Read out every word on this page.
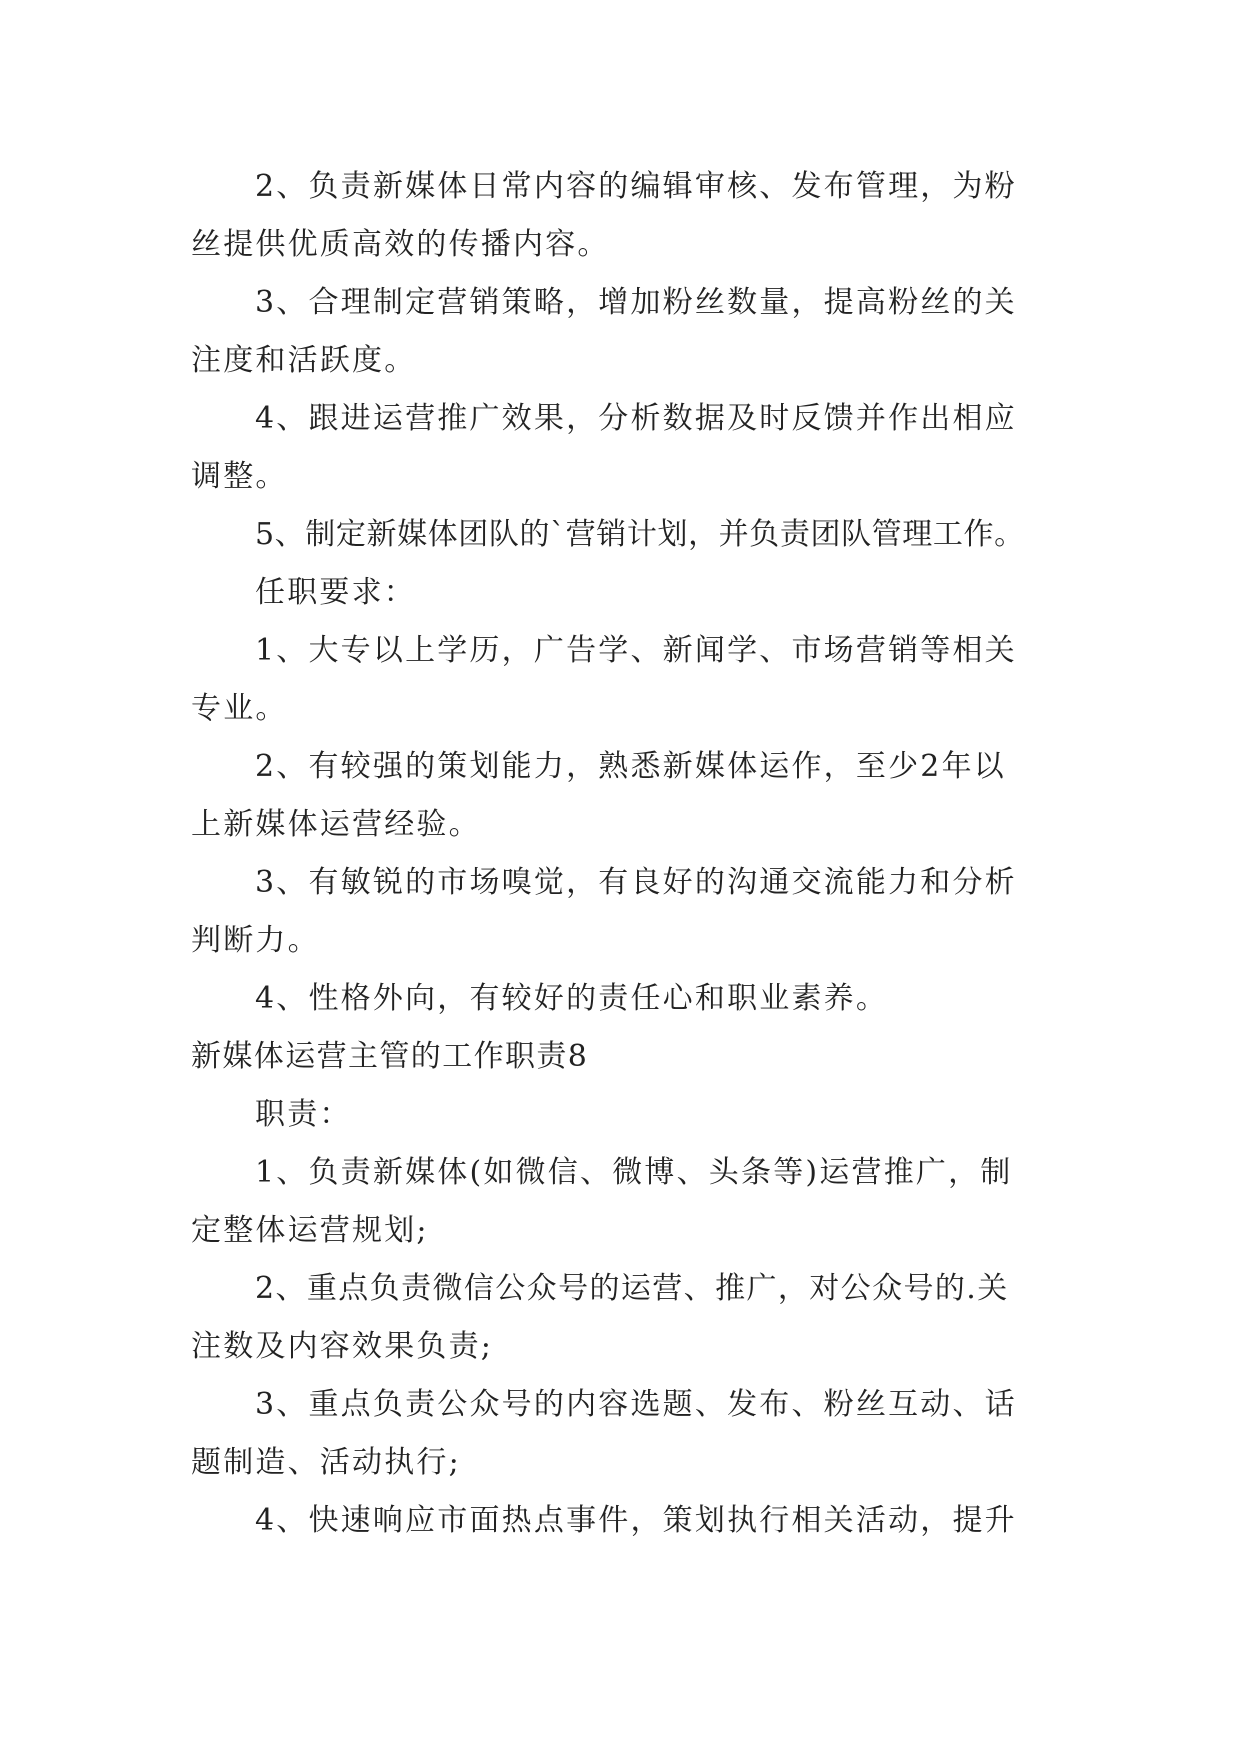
2、负责新媒体日常内容的编辑审核、发布管理，为粉
丝提供优质高效的传播内容。
3、合理制定营销策略，增加粉丝数量，提高粉丝的关
注度和活跃度。
4、跟进运营推广效果，分析数据及时反馈并作出相应
调整。
5、制定新媒体团队的`营销计划，并负责团队管理工作。
任职要求：
1、大专以上学历，广告学、新闻学、市场营销等相关
专业。
2、有较强的策划能力，熟悉新媒体运作，至少2年以
上新媒体运营经验。
3、有敏锐的市场嗅觉，有良好的沟通交流能力和分析
判断力。
4、性格外向，有较好的责任心和职业素养。
新媒体运营主管的工作职责8
职责：
1、负责新媒体(如微信、微博、头条等)运营推广，制
定整体运营规划;
2、重点负责微信公众号的运营、推广，对公众号的.关
注数及内容效果负责;
3、重点负责公众号的内容选题、发布、粉丝互动、话
题制造、活动执行;
4、快速响应市面热点事件，策划执行相关活动，提升
